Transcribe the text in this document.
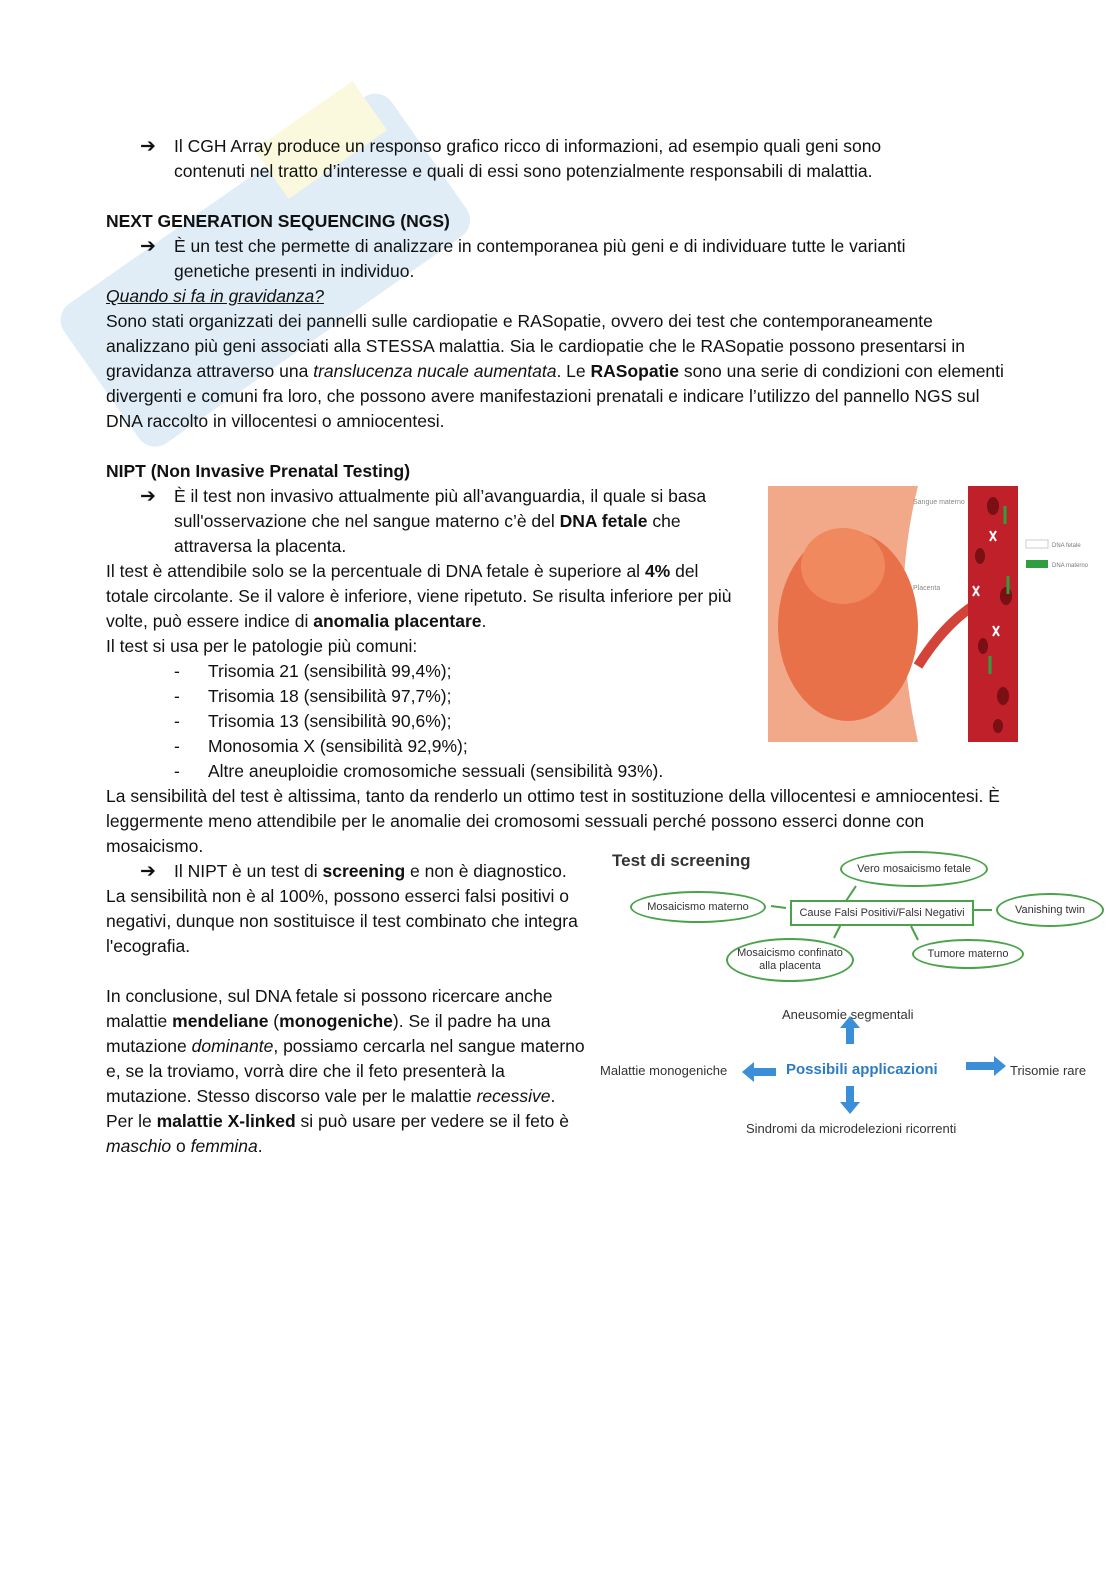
➔ Il CGH Array produce un responso grafico ricco di informazioni, ad esempio quali geni sono
contenuti nel tratto d’interesse e quali di essi sono potenzialmente responsabili di malattia.
NEXT GENERATION SEQUENCING (NGS)
➔ È un test che permette di analizzare in contemporanea più geni e di individuare tutte le varianti
genetiche presenti in individuo.
Quando si fa in gravidanza?
Sono stati organizzati dei pannelli sulle cardiopatie e RASopatie, ovvero dei test che contemporaneamente analizzano più geni associati alla STESSA malattia. Sia le cardiopatie che le RASopatie possono presentarsi in gravidanza attraverso una translucenza nucale aumentata. Le RASopatie sono una serie di condizioni con elementi divergenti e comuni fra loro, che possono avere manifestazioni prenatali e indicare l’utilizzo del pannello NGS sul DNA raccolto in villocentesi o amniocentesi.
NIPT (Non Invasive Prenatal Testing)
➔ È il test non invasivo attualmente più all’avanguardia, il quale si basa sull'osservazione che nel sangue materno c’è del DNA fetale che attraversa la placenta.
Il test è attendibile solo se la percentuale di DNA fetale è superiore al 4% del totale circolante. Se il valore è inferiore, viene ripetuto. Se risulta inferiore per più volte, può essere indice di anomalia placentare.
Il test si usa per le patologie più comuni:
- Trisomia 21 (sensibilità 99,4%);
- Trisomia 18 (sensibilità 97,7%);
- Trisomia 13 (sensibilità 90,6%);
- Monosomia X (sensibilità 92,9%);
- Altre aneuploidie cromosomiche sessuali (sensibilità 93%).
La sensibilità del test è altissima, tanto da renderlo un ottimo test in sostituzione della villocentesi e amniocentesi. È leggermente meno attendibile per le anomalie dei cromosomi sessuali perché possono esserci donne con mosaicismo.
➔ Il NIPT è un test di screening e non è diagnostico.
La sensibilità non è al 100%, possono esserci falsi positivi o negativi, dunque non sostituisce il test combinato che integra l'ecografia.
In conclusione, sul DNA fetale si possono ricercare anche malattie mendeliane (monogeniche). Se il padre ha una mutazione dominante, possiamo cercarla nel sangue materno e, se la troviamo, vorrà dire che il feto presenterà la mutazione. Stesso discorso vale per le malattie recessive. Per le malattie X-linked si può usare per vedere se il feto è maschio o femmina.
Sangue materno
Placenta
DNA fetale
DNA materno
Test di screening	Vero mosaicismo fetale
Mosaicismo materno	Cause Falsi Positivi/Falsi Negativi	Vanishing twin
Mosaicismo confinato alla placenta
Tumore materno
Aneusomie segmentali
Malattie monogeniche	Possibili applicazioni	Trisomie rare
Sindromi da microdelezioni ricorrenti
